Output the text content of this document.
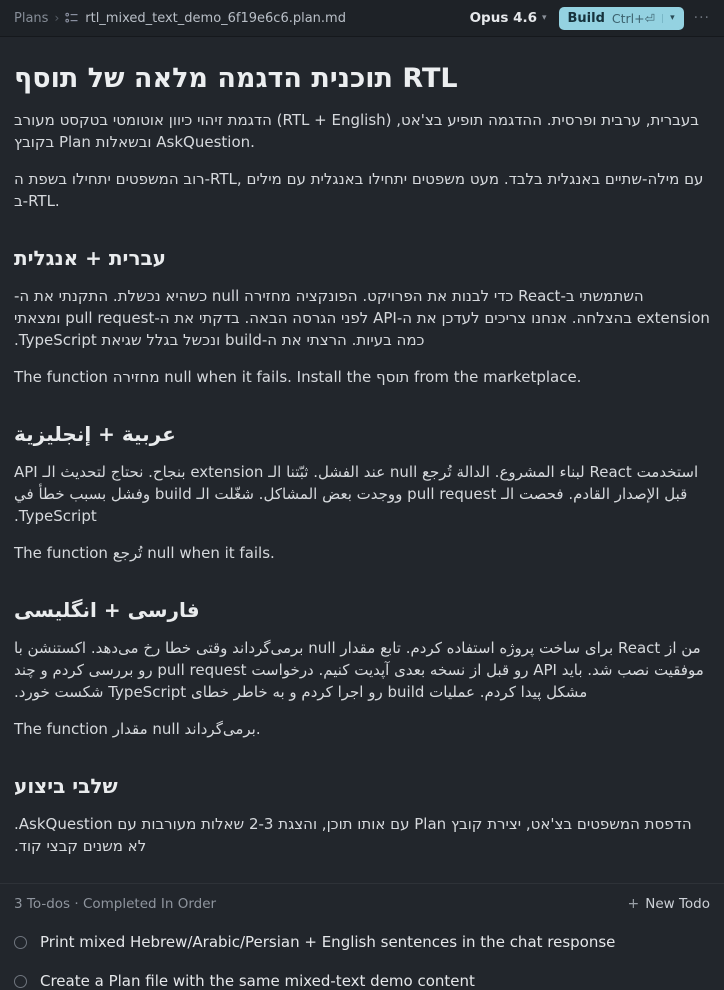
Plans › rtl_mixed_text_demo_6f19e6c6.plan.md	Opus 4.6 ▾ Build Ctrl+⏎	▾ ···
תוכנית הדגמה מלאה של תוסף RTL

הדגמת זיהוי כיוון אוטומטי בטקסט מעורב (RTL + English) בעברית, ערבית ופרסית. ההדגמה תופיע בצ'אט, בקובץ Plan ובשאלות AskQuestion.

רוב המשפטים יתחילו בשפת ה-RTL, עם מילה-שתיים באנגלית בלבד. מעט משפטים יתחילו באנגלית עם מילים ב-RTL.

עברית + אנגלית

השתמשתי ב-React כדי לבנות את הפרויקט. הפונקציה מחזירה null כשהיא נכשלת. התקנתי את ה-extension בהצלחה. אנחנו צריכים לעדכן את ה-API לפני הגרסה הבאה. בדקתי את ה-pull request ומצאתי כמה בעיות. הרצתי את ה-build ונכשל בגלל שגיאת TypeScript.

The function מחזירה null when it fails. Install the תוסף from the marketplace.

عربية + إنجليزية

استخدمت React لبناء المشروع. الدالة تُرجع null عند الفشل. ثبّتنا الـ extension بنجاح. نحتاج لتحديث الـ API قبل الإصدار القادم. فحصت الـ pull request ووجدت بعض المشاكل. شغّلت الـ build وفشل بسبب خطأ في TypeScript.

The function تُرجع null when it fails.

فارسی + انگلیسی

من از React برای ساخت پروژه استفاده کردم. تابع مقدار null برمی‌گرداند وقتی خطا رخ می‌دهد. اکستنشن با موفقیت نصب شد. باید API رو قبل از نسخه بعدی آپدیت کنیم. درخواست pull request رو بررسی کردم و چند مشکل پیدا کردم. عملیات build رو اجرا کردم و به خاطر خطای TypeScript شکست خورد.

The function مقدار null برمی‌گرداند.

שלבי ביצוע

הדפסת המשפטים בצ'אט, יצירת קובץ Plan עם אותו תוכן, והצגת 2-3 שאלות מעורבות עם AskQuestion. לא משנים קבצי קוד.

3 To-dos · Completed In Order	+ New Todo
Print mixed Hebrew/Arabic/Persian + English sentences in the chat response
Create a Plan file with the same mixed-text demo content
